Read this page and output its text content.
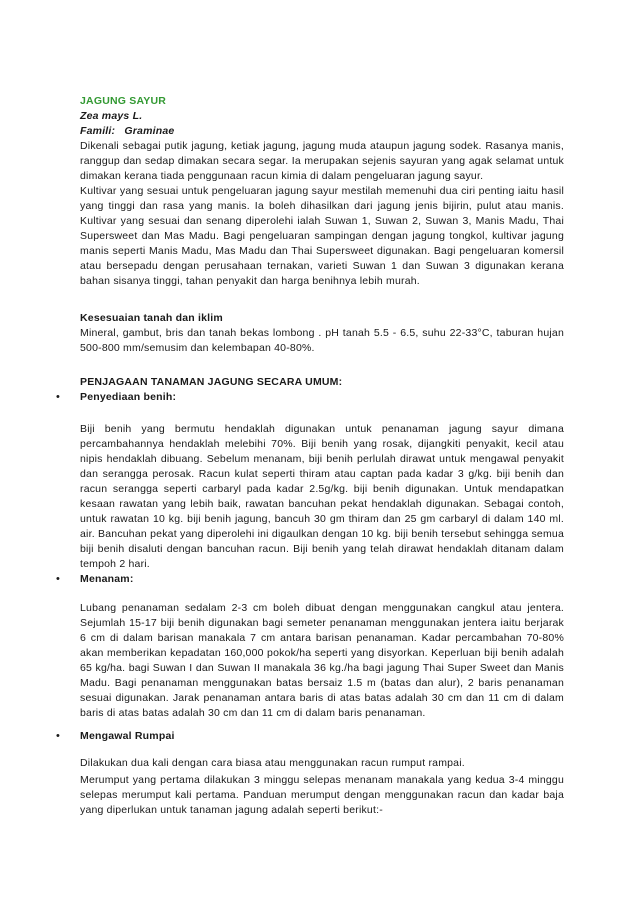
JAGUNG SAYUR
Zea mays L.
Famili: Graminae
Dikenali sebagai putik jagung, ketiak jagung, jagung muda ataupun jagung sodek. Rasanya manis, ranggup dan sedap dimakan secara segar. Ia merupakan sejenis sayuran yang agak selamat untuk dimakan kerana tiada penggunaan racun kimia di dalam pengeluaran jagung sayur.
Kultivar yang sesuai untuk pengeluaran jagung sayur mestilah memenuhi dua ciri penting iaitu hasil yang tinggi dan rasa yang manis. Ia boleh dihasilkan dari jagung jenis bijirin, pulut atau manis. Kultivar yang sesuai dan senang diperolehi ialah Suwan 1, Suwan 2, Suwan 3, Manis Madu, Thai Supersweet dan Mas Madu. Bagi pengeluaran sampingan dengan jagung tongkol, kultivar jagung manis seperti Manis Madu, Mas Madu dan Thai Supersweet digunakan. Bagi pengeluaran komersil atau bersepadu dengan perusahaan ternakan, varieti Suwan 1 dan Suwan 3 digunakan kerana bahan sisanya tinggi, tahan penyakit dan harga benihnya lebih murah.
Kesesuaian tanah dan iklim
Mineral, gambut, bris dan tanah bekas lombong . pH tanah 5.5 - 6.5, suhu 22-33°C, taburan hujan 500-800 mm/semusim dan kelembapan 40-80%.
PENJAGAAN TANAMAN JAGUNG SECARA UMUM:
•	Penyediaan benih:
Biji benih yang bermutu hendaklah digunakan untuk penanaman jagung sayur dimana percambahannya hendaklah melebihi 70%. Biji benih yang rosak, dijangkiti penyakit, kecil atau nipis hendaklah dibuang. Sebelum menanam, biji benih perlulah dirawat untuk mengawal penyakit dan serangga perosak. Racun kulat seperti thiram atau captan pada kadar 3 g/kg. biji benih dan racun serangga seperti carbaryl pada kadar 2.5g/kg. biji benih digunakan. Untuk mendapatkan kesaan rawatan yang lebih baik, rawatan bancuhan pekat hendaklah digunakan. Sebagai contoh, untuk rawatan 10 kg. biji benih jagung, bancuh 30 gm thiram dan 25 gm carbaryl di dalam 140 ml. air. Bancuhan pekat yang diperolehi ini digaulkan dengan 10 kg. biji benih tersebut sehingga semua biji benih disaluti dengan bancuhan racun. Biji benih yang telah dirawat hendaklah ditanam dalam tempoh 2 hari.
•	Menanam:
Lubang penanaman sedalam 2-3 cm boleh dibuat dengan menggunakan cangkul atau jentera. Sejumlah 15-17 biji benih digunakan bagi semeter penanaman menggunakan jentera iaitu berjarak 6 cm di dalam barisan manakala 7 cm antara barisan penanaman. Kadar percambahan 70-80% akan memberikan kepadatan 160,000 pokok/ha seperti yang disyorkan. Keperluan biji benih adalah 65 kg/ha. bagi Suwan I dan Suwan II manakala 36 kg./ha bagi jagung Thai Super Sweet dan Manis Madu. Bagi penanaman menggunakan batas bersaiz 1.5 m (batas dan alur), 2 baris penanaman sesuai digunakan. Jarak penanaman antara baris di atas batas adalah 30 cm dan 11 cm di dalam baris di atas batas adalah 30 cm dan 11 cm di dalam baris penanaman.
•	Mengawal Rumpai
Dilakukan dua kali dengan cara biasa atau menggunakan racun rumput rampai.
Merumput yang pertama dilakukan 3 minggu selepas menanam manakala yang kedua 3-4 minggu selepas merumput kali pertama. Panduan merumput dengan menggunakan racun dan kadar baja yang diperlukan untuk tanaman jagung adalah seperti berikut:-
